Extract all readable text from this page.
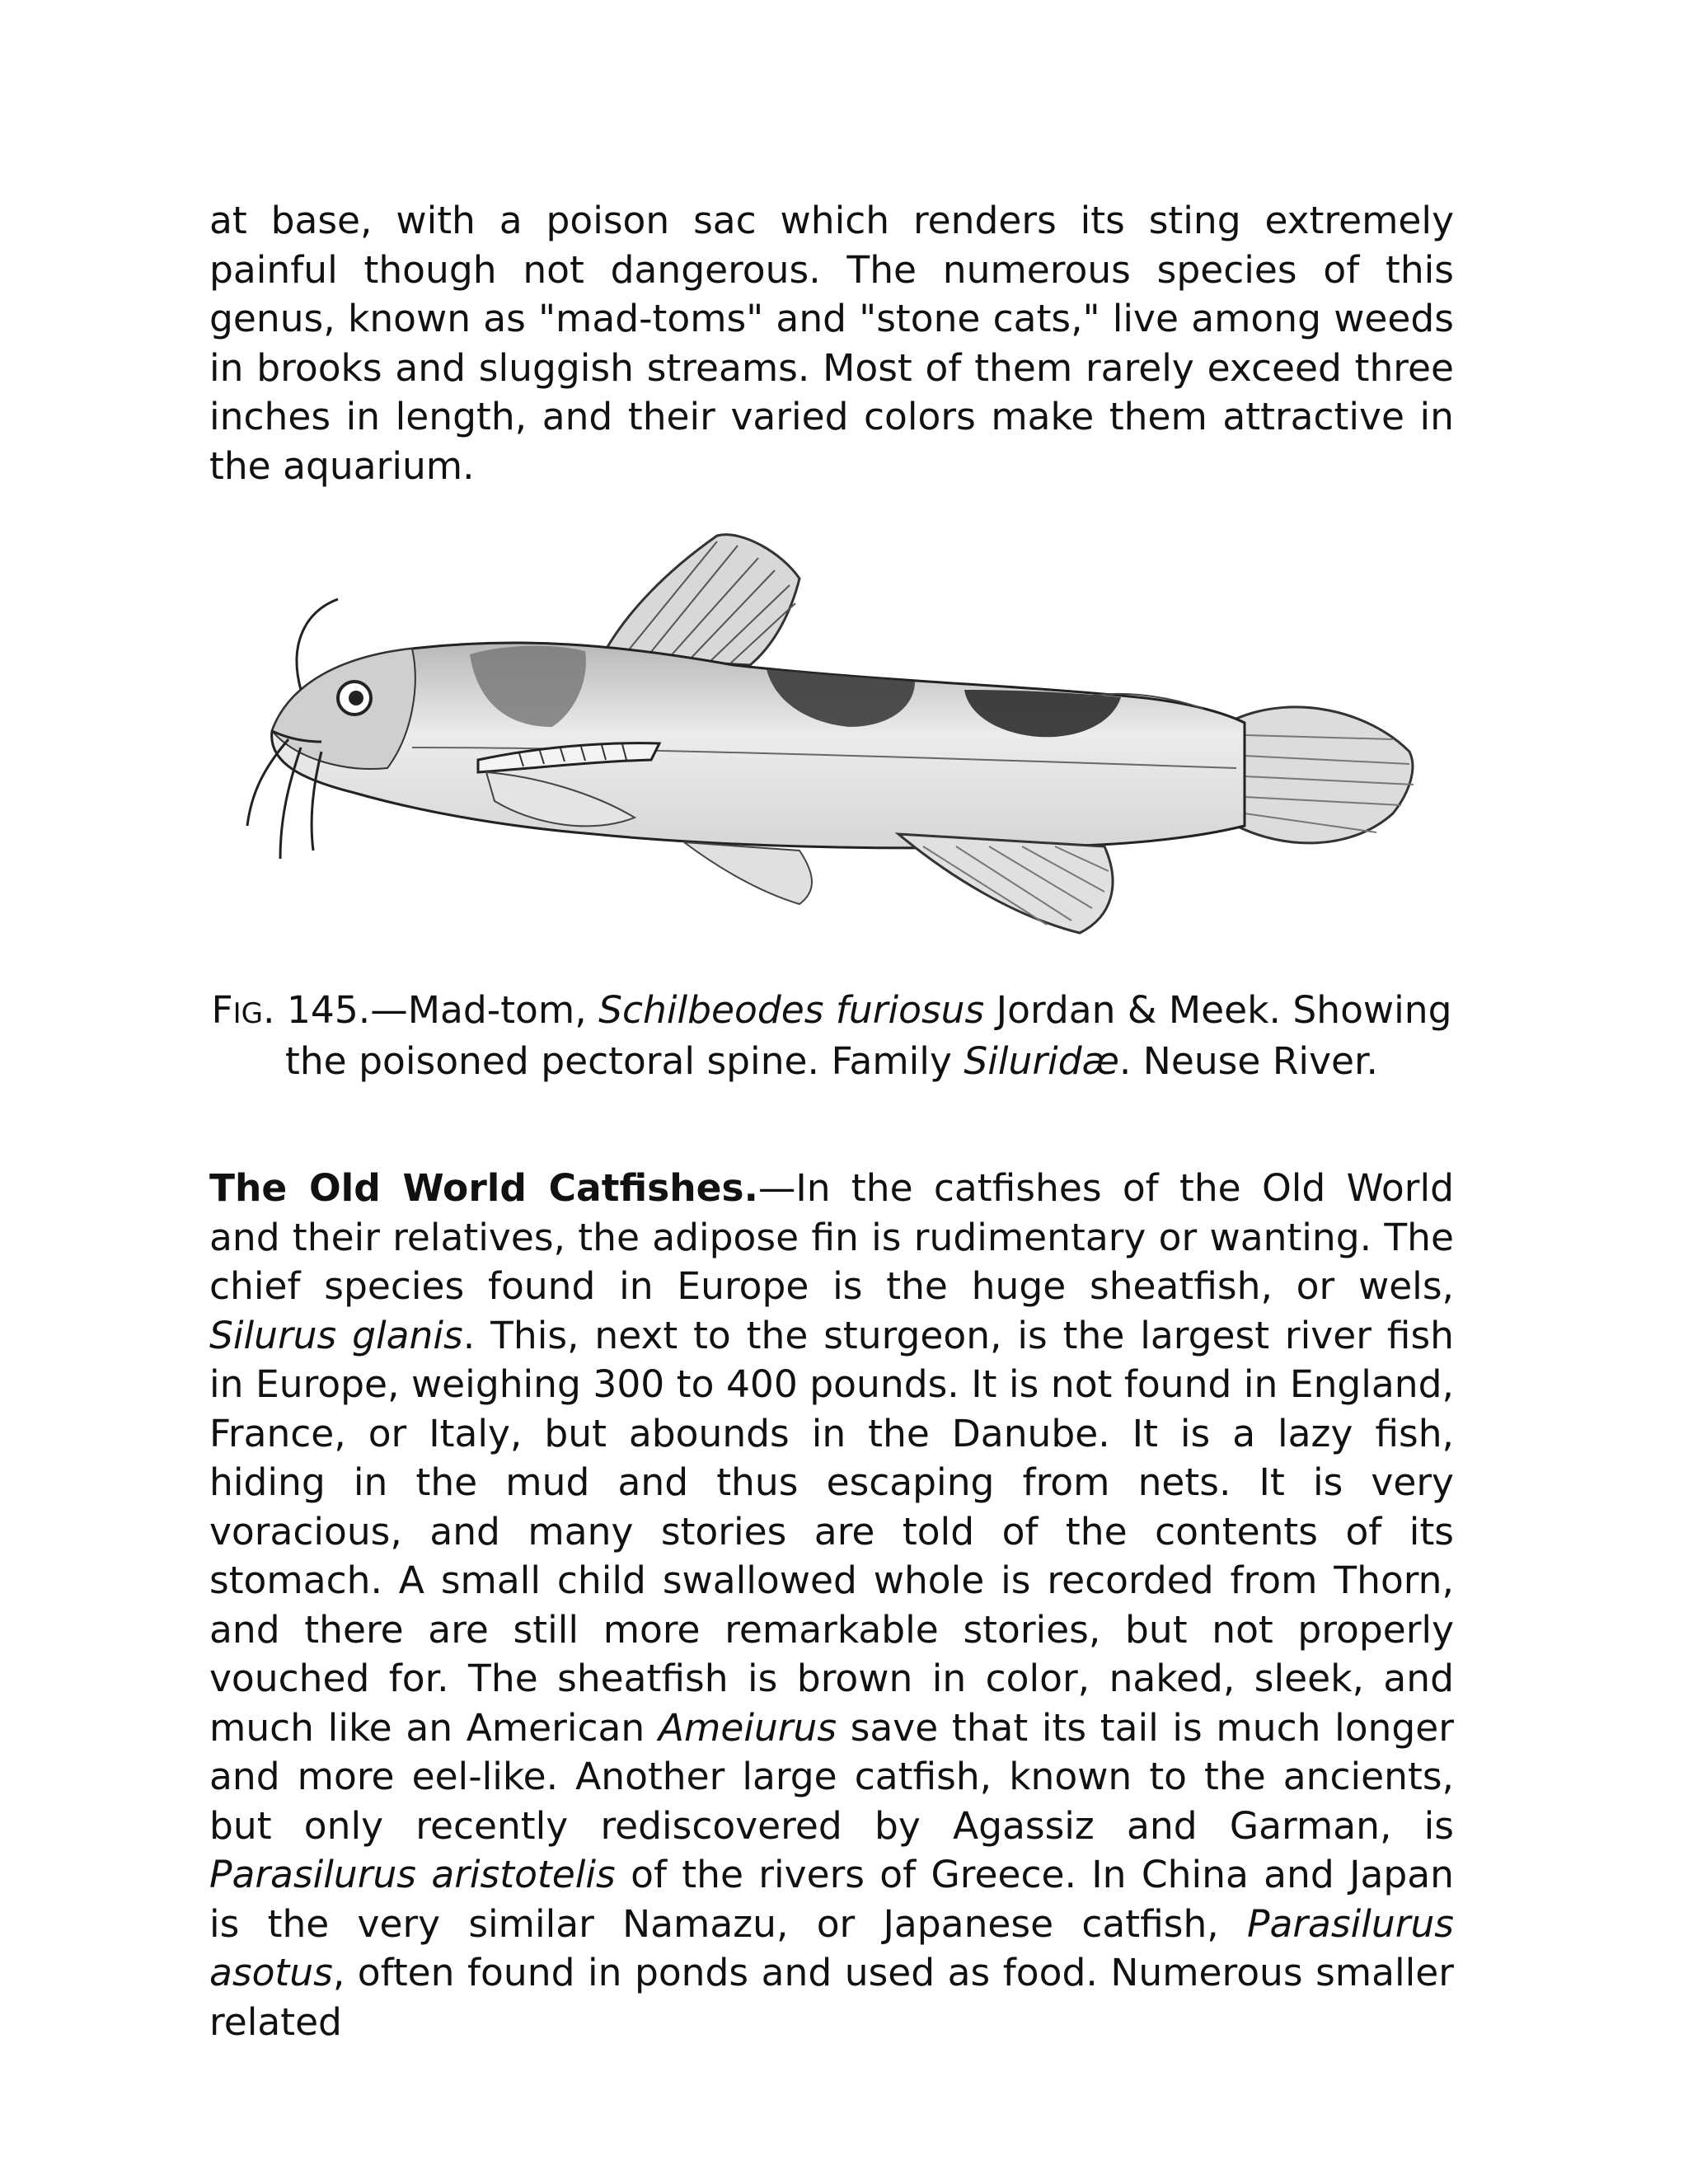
at base, with a poison sac which renders its sting extremely painful though not dangerous. The numerous species of this genus, known as "mad-toms" and "stone cats," live among weeds in brooks and sluggish streams. Most of them rarely exceed three inches in length, and their varied colors make them attractive in the aquarium.

FIG. 145.—Mad-tom, Schilbeodes furiosus Jordan & Meek. Showing the poisoned pectoral spine. Family Siluridæ. Neuse River.

The Old World Catfishes.—In the catfishes of the Old World and their relatives, the adipose fin is rudimentary or wanting. The chief species found in Europe is the huge sheatfish, or wels, Silurus glanis. This, next to the sturgeon, is the largest river fish in Europe, weighing 300 to 400 pounds. It is not found in England, France, or Italy, but abounds in the Danube. It is a lazy fish, hiding in the mud and thus escaping from nets. It is very voracious, and many stories are told of the contents of its stomach. A small child swallowed whole is recorded from Thorn, and there are still more remarkable stories, but not properly vouched for. The sheatfish is brown in color, naked, sleek, and much like an American Ameiurus save that its tail is much longer and more eel-like. Another large catfish, known to the ancients, but only recently rediscovered by Agassiz and Garman, is Parasilurus aristotelis of the rivers of Greece. In China and Japan is the very similar Namazu, or Japanese catfish, Parasilurus asotus, often found in ponds and used as food. Numerous smaller related
